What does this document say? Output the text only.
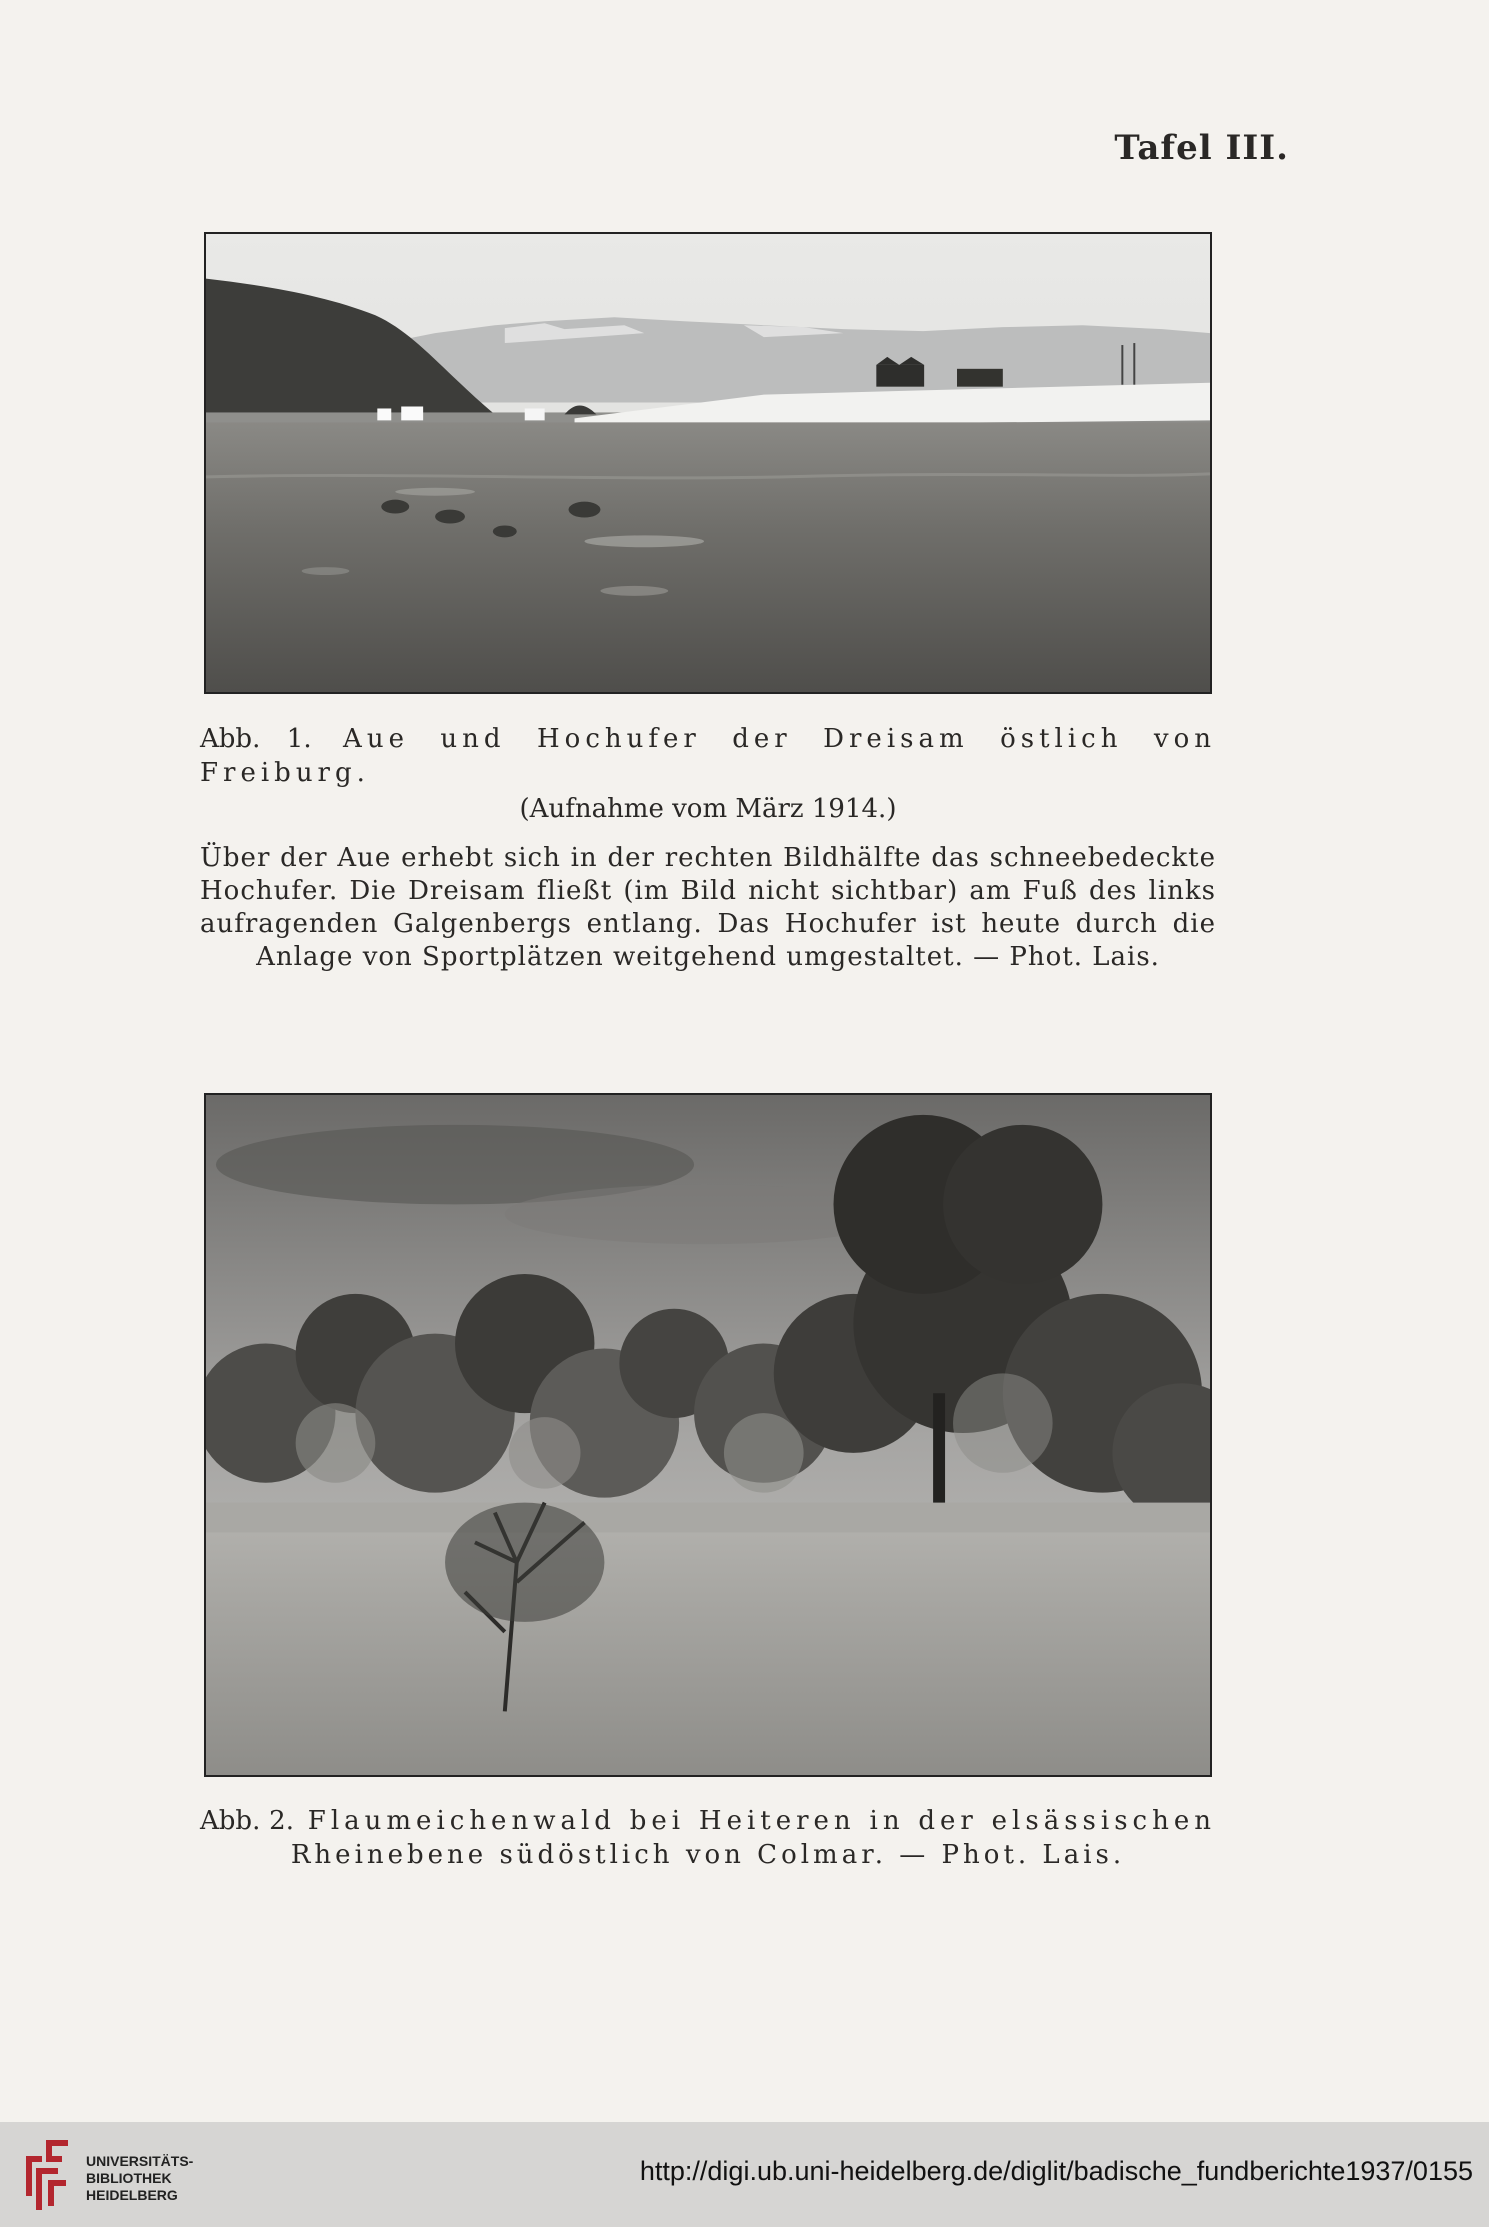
Tafel III.
Abb. 1. Aue und Hochufer der Dreisam östlich von Freiburg.
(Aufnahme vom März 1914.)
Über der Aue erhebt sich in der rechten Bildhälfte das schneebedeckte Hochufer. Die Dreisam fließt (im Bild nicht sichtbar) am Fuß des links aufragenden Galgenbergs entlang. Das Hochufer ist heute durch die Anlage von Sportplätzen weitgehend umgestaltet. — Phot. Lais.
Abb. 2. Flaumeichenwald bei Heiteren in der elsässischen
Rheinebene südöstlich von Colmar. — Phot. Lais.
UNIVERSITÄTS-
BIBLIOTHEK
HEIDELBERG
http://digi.ub.uni-heidelberg.de/diglit/badische_fundberichte1937/0155
